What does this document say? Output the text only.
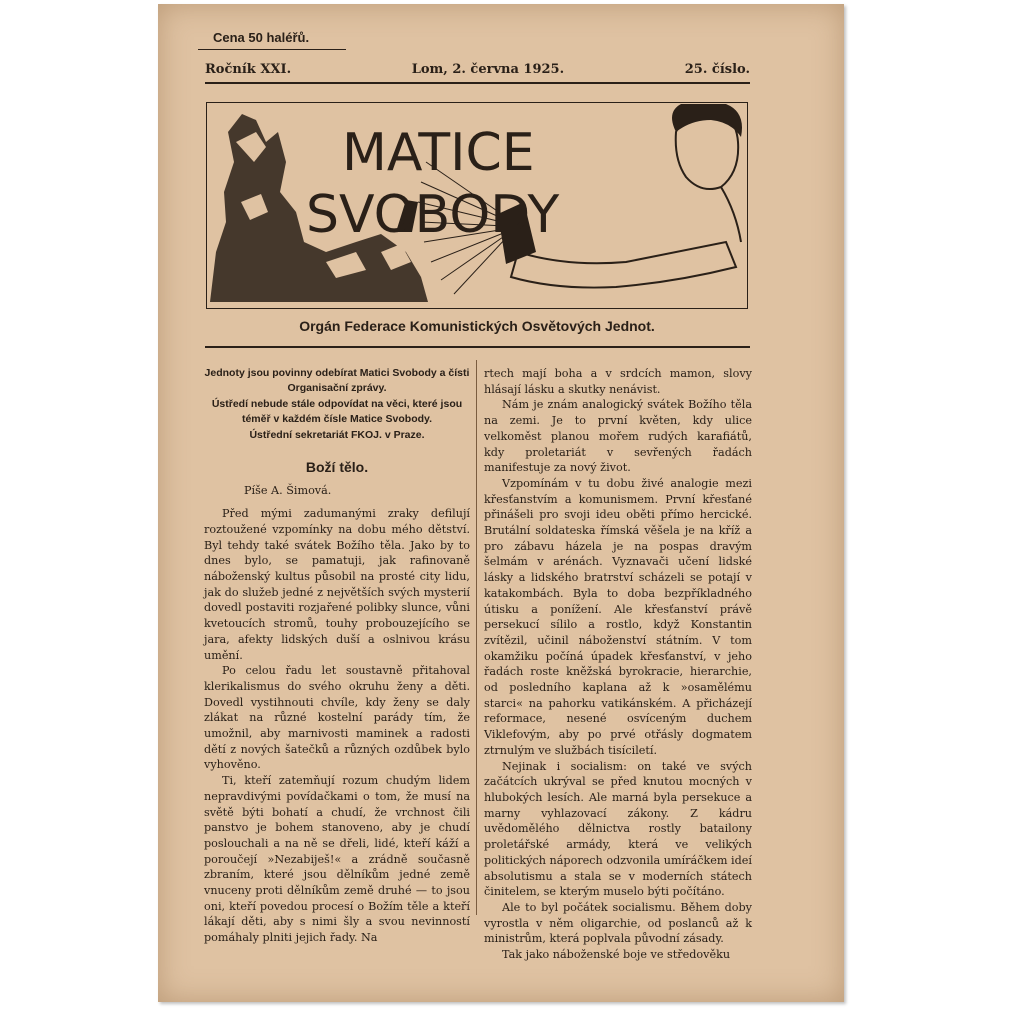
Cena 50 haléřů.
Ročník XXI.	Lom, 2. června 1925.	25. číslo.
MATICE
SVOBODY
Orgán Federace Komunistických Osvětových Jednot.

Jednoty jsou povinny odebírat Matici Svobody a čísti Organisační zprávy.

Ústředí nebude stále odpovídat na věci, které jsou téměř v každém čísle Matice Svobody.

Ústřední sekretariát FKOJ. v Praze.

Boží tělo.

Píše A. Šimová.

Před mými zadumanými zraky defilují roztoužené vzpomínky na dobu mého dětství. Byl tehdy také svátek Božího těla. Jako by to dnes bylo, se pamatuji, jak rafinovaně náboženský kultus působil na prosté city lidu, jak do služeb jedné z největších svých mysterií dovedl postaviti rozjařené polibky slunce, vůni kvetoucích stromů, touhy probouzejícího se jara, afekty lidských duší a oslnivou krásu umění.

Po celou řadu let soustavně přitahoval klerikalismus do svého okruhu ženy a děti. Dovedl vystihnouti chvíle, kdy ženy se daly zlákat na různé kostelní parády tím, že umožnil, aby marnivosti maminek a radosti dětí z nových šatečků a různých ozdůbek bylo vyhověno.

Ti, kteří zatemňují rozum chudým lidem nepravdivými povídačkami o tom, že musí na světě býti bohatí a chudí, že vrchnost čili panstvo je bohem stanoveno, aby je chudí poslouchali a na ně se dřeli, lidé, kteří káží a poroučejí »Nezabiješ!« a zrádně současně zbraním, které jsou dělníkům jedné země vnuceny proti dělníkům země druhé — to jsou oni, kteří povedou procesí o Božím těle a kteří lákají děti, aby s nimi šly a svou nevinností pomáhaly plniti jejich řady. Na

rtech mají boha a v srdcích mamon, slovy hlásají lásku a skutky nenávist.

Nám je znám analogický svátek Božího těla na zemi. Je to první květen, kdy ulice velkoměst planou mořem rudých karafiátů, kdy proletariát v sevřených řadách manifestuje za nový život.

Vzpomínám v tu dobu živé analogie mezi křesťanstvím a komunismem. První křesťané přinášeli pro svoji ideu oběti přímo hercické. Brutální soldateska římská věšela je na kříž a pro zábavu házela je na pospas dravým šelmám v arénách. Vyznavači učení lidské lásky a lidského bratrství scházeli se potají v katakombách. Byla to doba bezpříkladného útisku a ponížení. Ale křesťanství právě persekucí sílilo a rostlo, když Konstantin zvítězil, učinil náboženství státním. V tom okamžiku počíná úpadek křesťanství, v jeho řadách roste kněžská byrokracie, hierarchie, od posledního kaplana až k »osamělému starci« na pahorku vatikánském. A přicházejí reformace, nesené osvíceným duchem Viklefovým, aby po prvé otřásly dogmatem ztrnulým ve službách tisíciletí.

Nejinak i socialism: on také ve svých začátcích ukrýval se před knutou mocných v hlubokých lesích. Ale marná byla persekuce a marny vyhlazovací zákony. Z kádru uvědomělého dělnictva rostly batailony proletářské armády, která ve velikých politických náporech odzvonila umíráčkem ideí absolutismu a stala se v moderních státech činitelem, se kterým muselo býti počítáno.

Ale to byl počátek socialismu. Během doby vyrostla v něm oligarchie, od poslanců až k ministrům, která poplvala původní zásady.

Tak jako náboženské boje ve středověku
